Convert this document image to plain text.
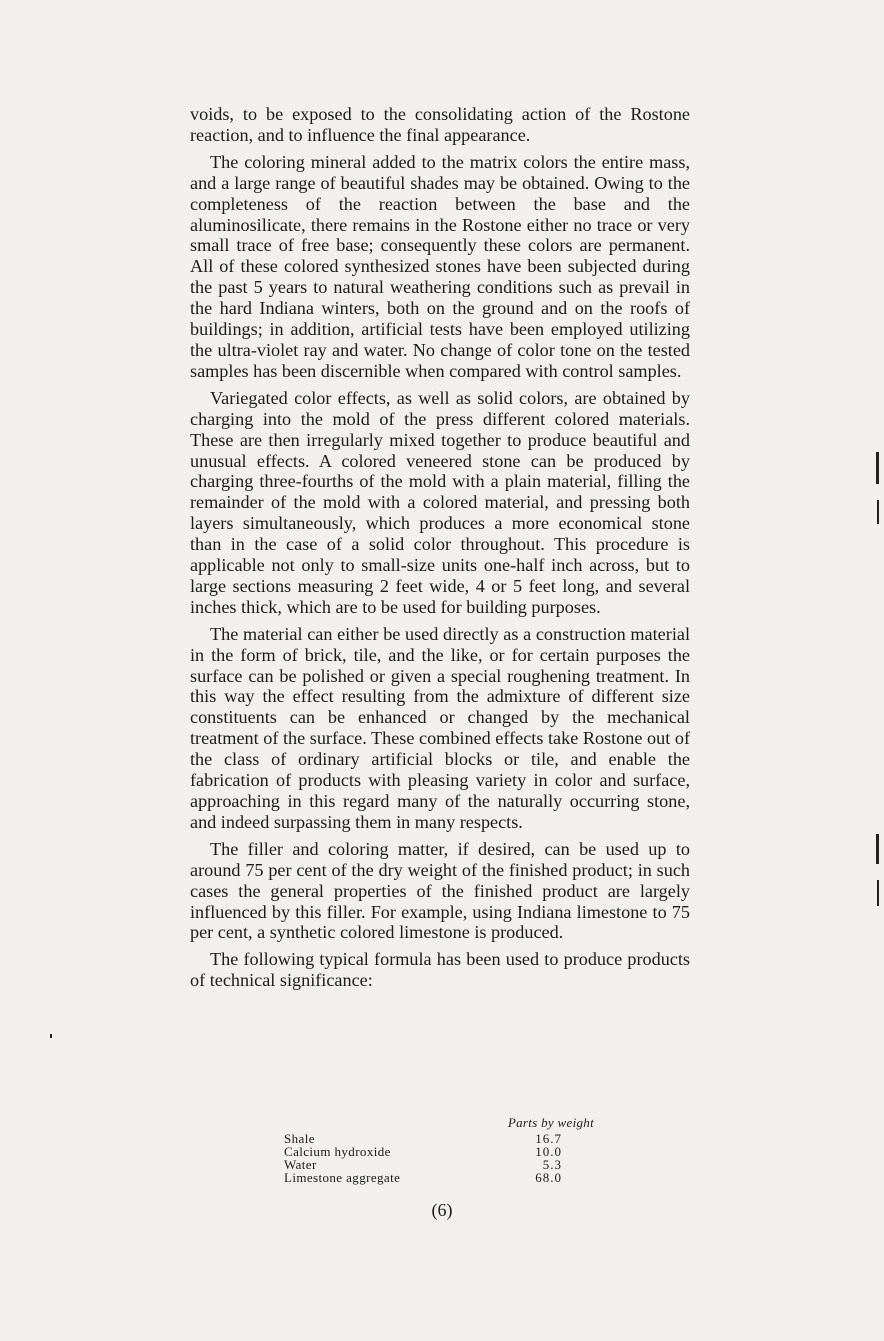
voids, to be exposed to the consolidating action of the Rostone reaction, and to influence the final appearance.

The coloring mineral added to the matrix colors the entire mass, and a large range of beautiful shades may be obtained. Owing to the completeness of the reaction between the base and the aluminosilicate, there remains in the Rostone either no trace or very small trace of free base; consequently these colors are permanent. All of these colored synthesized stones have been subjected during the past 5 years to natural weathering conditions such as prevail in the hard Indiana winters, both on the ground and on the roofs of buildings; in addition, artificial tests have been employed utilizing the ultra-violet ray and water. No change of color tone on the tested samples has been discernible when compared with control samples.

Variegated color effects, as well as solid colors, are obtained by charging into the mold of the press different colored materials. These are then irregularly mixed together to produce beautiful and unusual effects. A colored veneered stone can be produced by charging three-fourths of the mold with a plain material, filling the remainder of the mold with a colored material, and pressing both layers simultaneously, which produces a more economical stone than in the case of a solid color throughout. This procedure is applicable not only to small-size units one-half inch across, but to large sections measuring 2 feet wide, 4 or 5 feet long, and several inches thick, which are to be used for building purposes.

The material can either be used directly as a construction material in the form of brick, tile, and the like, or for certain purposes the surface can be polished or given a special roughening treatment. In this way the effect resulting from the admixture of different size constituents can be enhanced or changed by the mechanical treatment of the surface. These combined effects take Rostone out of the class of ordinary artificial blocks or tile, and enable the fabrication of products with pleasing variety in color and surface, approaching in this regard many of the naturally occurring stone, and indeed surpassing them in many respects.

The filler and coloring matter, if desired, can be used up to around 75 per cent of the dry weight of the finished product; in such cases the general properties of the finished product are largely influenced by this filler. For example, using Indiana limestone to 75 per cent, a synthetic colored limestone is produced.

The following typical formula has been used to produce products of technical significance:

Parts by weight
Shale	16.7
Calcium hydroxide	10.0
Water	5.3
Limestone aggregate	68.0
(6)
